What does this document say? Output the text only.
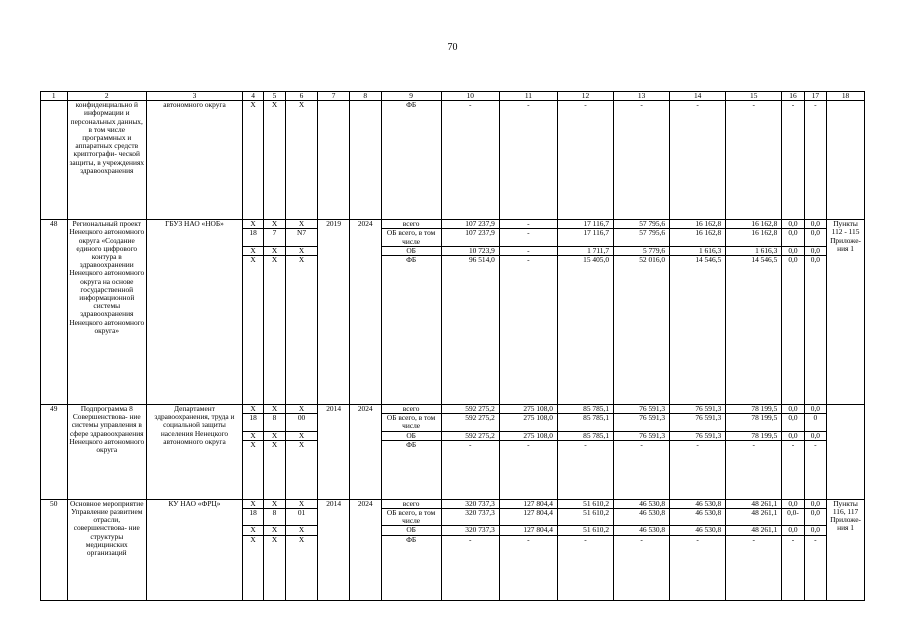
70
1	2	3	4	5	6	7	8	9	10	11	12	13	14	15	16	17	18
	конфиденциально й информации и персональных данных, в том числе программных и аппаратных средств криптографи- ческой защиты, в учреждениях здравоохранения	автономного округа	X	X	X			ФБ	-	-	-	-	-	-	-	-	
48	Региональный проект Ненецкого автономного округа «Создание единого цифрового контура в здравоохранении Ненецкого автономного округа на основе государственной информационной системы здравоохранения Ненецкого автономного округа»	ГБУЗ НАО «НОБ»	X	X	X	2019	2024	всего	107 237,9	-	17 116,7	57 795,6	16 162,8	16 162,8	0,0	0,0	Пункты 112 - 115 Приложе- ния 1
			18	7	N7			ОБ всего, в том числе	107 237,9	-	17 116,7	57 795,6	16 162,8	16 162,8	0,0	0,0	
			X	X	X			ОБ	10 723,9	-	1 711,7	5 779,6	1 616,3	1 616,3	0,0	0,0	
			X	X	X			ФБ	96 514,0	-	15 405,0	52 016,0	14 546,5	14 546,5	0,0	0,0	
49	Подпрограмма 8 Совершенствова- ние системы управления в сфере здравоохранения Ненецкого автономного округа	Департамент здравоохранения, труда и социальной защиты населения Ненецкого автономного округа	X	X	X	2014	2024	всего	592 275,2	275 108,0	85 785,1	76 591,3	76 591,3	78 199,5	0,0	0,0	
			18	8	00			ОБ всего, в том числе	592 275,2	275 108,0	85 785,1	76 591,3	76 591,3	78 199,5	0,0	0	
			X	X	X			ОБ	592 275,2	275 108,0	85 785,1	76 591,3	76 591,3	78 199,5	0,0	0,0	
			X	X	X			ФБ	-	-	-	-	-	-	-	-	
50	Основное мероприятие Управление развитием отрасли, совершенствова- ние структуры медицинских организаций	КУ НАО «ФРЦ»	X	X	X	2014	2024	всего	320 737,3	127 804,4	51 610,2	46 530,8	46 530,8	48 261,1	0,0	0,0	Пункты 116, 117 Приложе- ния 1
			18	8	01			ОБ всего, в том числе	320 737,3	127 804,4	51 610,2	46 530,8	46 530,8	48 261,1	0,0-	0,0	
			X	X	X			ОБ	320 737,3	127 804,4	51 610,2	46 530,8	46 530,8	48 261,1	0,0	0,0	
			X	X	X			ФБ	-	-	-	-	-	-	-	-	
